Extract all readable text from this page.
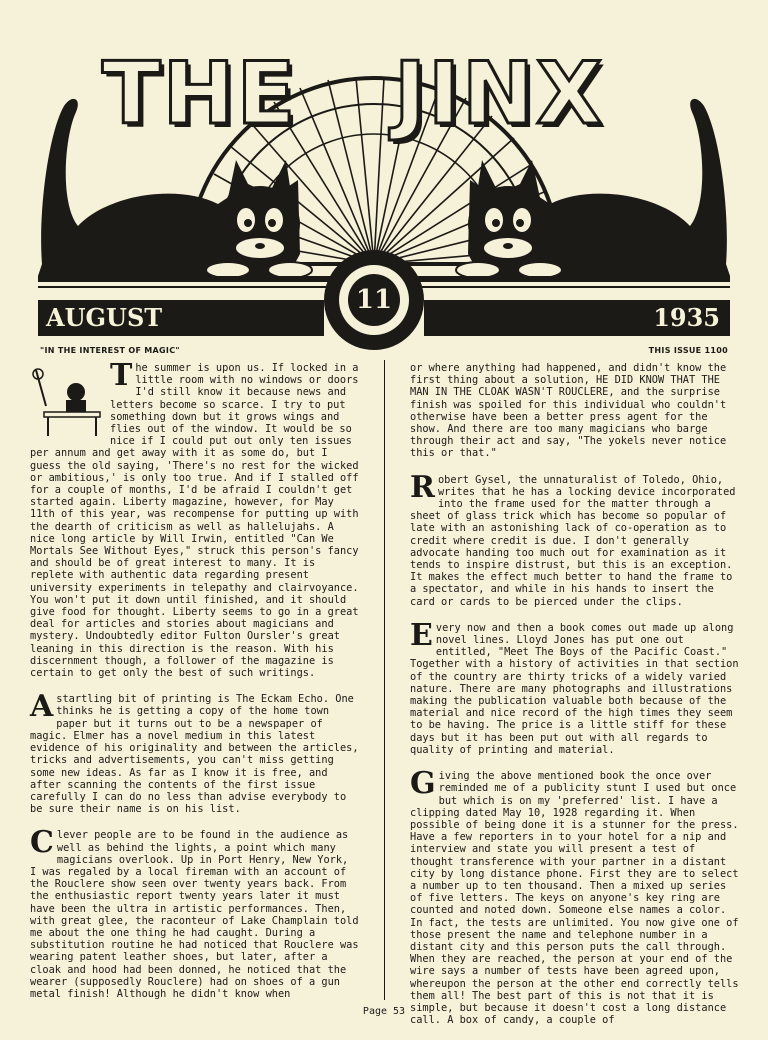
THE JINX
AUGUST	1935
11
"IN THE INTEREST OF MAGIC"	THIS ISSUE 1100

The summer is upon us. If locked in a little room with no windows or doors I'd still know it because news and letters become so scarce. I try to put something down but it grows wings and flies out of the window. It would be so nice if I could put out only ten issues per annum and get away with it as some do, but I guess the old saying, 'There's no rest for the wicked or ambitious,' is only too true. And if I stalled off for a couple of months, I'd be afraid I couldn't get started again. Liberty magazine, however, for May 11th of this year, was recompense for putting up with the dearth of criticism as well as hallelujahs. A nice long article by Will Irwin, entitled "Can We Mortals See Without Eyes," struck this person's fancy and should be of great interest to many. It is replete with authentic data regarding present university experiments in telepathy and clairvoyance. You won't put it down until finished, and it should give food for thought. Liberty seems to go in a great deal for articles and stories about magicians and mystery. Undoubtedly editor Fulton Oursler's great leaning in this direction is the reason. With his discernment though, a follower of the magazine is certain to get only the best of such writings.

A startling bit of printing is The Eckam Echo. One thinks he is getting a copy of the home town paper but it turns out to be a newspaper of magic. Elmer has a novel medium in this latest evidence of his originality and between the articles, tricks and advertisements, you can't miss getting some new ideas. As far as I know it is free, and after scanning the contents of the first issue carefully I can do no less than advise everybody to be sure their name is on his list.

Clever people are to be found in the audience as well as behind the lights, a point which many magicians overlook. Up in Port Henry, New York, I was regaled by a local fireman with an account of the Rouclere show seen over twenty years back. From the enthusiastic report twenty years later it must have been the ultra in artistic performances. Then, with great glee, the raconteur of Lake Champlain told me about the one thing he had caught. During a substitution routine he had noticed that Rouclere was wearing patent leather shoes, but later, after a cloak and hood had been donned, he noticed that the wearer (supposedly Rouclere) had on shoes of a gun metal finish! Although he didn't know when

or where anything had happened, and didn't know the first thing about a solution, HE DID KNOW THAT THE MAN IN THE CLOAK WASN'T ROUCLERE, and the surprise finish was spoiled for this individual who couldn't otherwise have been a better press agent for the show. And there are too many magicians who barge through their act and say, "The yokels never notice this or that."

Robert Gysel, the unnaturalist of Toledo, Ohio, writes that he has a locking device incorporated into the frame used for the matter through a sheet of glass trick which has become so popular of late with an astonishing lack of co-operation as to credit where credit is due. I don't generally advocate handing too much out for examination as it tends to inspire distrust, but this is an exception. It makes the effect much better to hand the frame to a spectator, and while in his hands to insert the card or cards to be pierced under the clips.

Every now and then a book comes out made up along novel lines. Lloyd Jones has put one out entitled, "Meet The Boys of the Pacific Coast." Together with a history of activities in that section of the country are thirty tricks of a widely varied nature. There are many photographs and illustrations making the publication valuable both because of the material and nice record of the high times they seem to be having. The price is a little stiff for these days but it has been put out with all regards to quality of printing and material.

Giving the above mentioned book the once over reminded me of a publicity stunt I used but once but which is on my 'preferred' list. I have a clipping dated May 10, 1928 regarding it. When possible of being done it is a stunner for the press. Have a few reporters in to your hotel for a nip and interview and state you will present a test of thought transference with your partner in a distant city by long distance phone. First they are to select a number up to ten thousand. Then a mixed up series of five letters. The keys on anyone's key ring are counted and noted down. Someone else names a color. In fact, the tests are unlimited. You now give one of those present the name and telephone number in a distant city and this person puts the call through. When they are reached, the person at your end of the wire says a number of tests have been agreed upon, whereupon the person at the other end correctly tells them all! The best part of this is not that it is simple, but because it doesn't cost a long distance call. A box of candy, a couple of

Page 53
